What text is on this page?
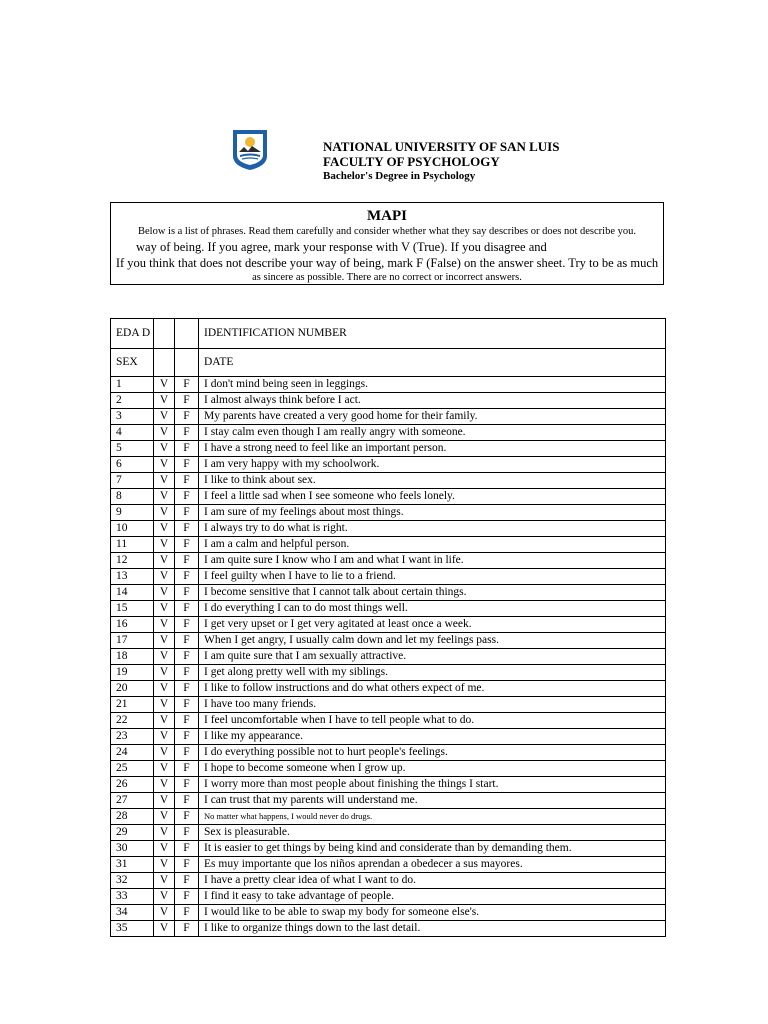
NATIONAL UNIVERSITY OF SAN LUIS
FACULTY OF PSYCHOLOGY
Bachelor's Degree in Psychology
MAPI
Below is a list of phrases. Read them carefully and consider whether what they say describes or does not describe you.
way of being. If you agree, mark your response with V (True). If you disagree and
If you think that does not describe your way of being, mark F (False) on the answer sheet. Try to be as much
as sincere as possible. There are no correct or incorrect answers.
EDA D			IDENTIFICATION NUMBER
SEX			DATE
1	V	F	I don't mind being seen in leggings.
2	V	F	I almost always think before I act.
3	V	F	My parents have created a very good home for their family.
4	V	F	I stay calm even though I am really angry with someone.
5	V	F	I have a strong need to feel like an important person.
6	V	F	I am very happy with my schoolwork.
7	V	F	I like to think about sex.
8	V	F	I feel a little sad when I see someone who feels lonely.
9	V	F	I am sure of my feelings about most things.
10	V	F	I always try to do what is right.
11	V	F	I am a calm and helpful person.
12	V	F	I am quite sure I know who I am and what I want in life.
13	V	F	I feel guilty when I have to lie to a friend.
14	V	F	I become sensitive that I cannot talk about certain things.
15	V	F	I do everything I can to do most things well.
16	V	F	I get very upset or I get very agitated at least once a week.
17	V	F	When I get angry, I usually calm down and let my feelings pass.
18	V	F	I am quite sure that I am sexually attractive.
19	V	F	I get along pretty well with my siblings.
20	V	F	I like to follow instructions and do what others expect of me.
21	V	F	I have too many friends.
22	V	F	I feel uncomfortable when I have to tell people what to do.
23	V	F	I like my appearance.
24	V	F	I do everything possible not to hurt people's feelings.
25	V	F	I hope to become someone when I grow up.
26	V	F	I worry more than most people about finishing the things I start.
27	V	F	I can trust that my parents will understand me.
28	V	F	No matter what happens, I would never do drugs.
29	V	F	Sex is pleasurable.
30	V	F	It is easier to get things by being kind and considerate than by demanding them.
31	V	F	Es muy importante que los niños aprendan a obedecer a sus mayores.
32	V	F	I have a pretty clear idea of what I want to do.
33	V	F	I find it easy to take advantage of people.
34	V	F	I would like to be able to swap my body for someone else's.
35	V	F	I like to organize things down to the last detail.
